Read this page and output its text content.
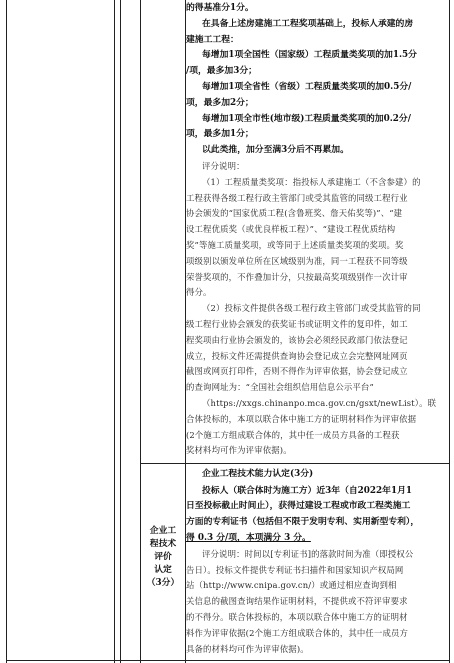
的得基准分1分。
在具备上述房建施工工程奖项基础上，投标人承建的房
建施工工程：
每增加1项全国性（国家级）工程质量类奖项的加1.5分
/项，最多加3分；
每增加1项全省性（省级）工程质量类奖项的加0.5分/
项，最多加2分；
每增加1项全市性(地市级)工程质量类奖项的加0.2分/
项，最多加1分；
以此类推，加分至满3分后不再累加。
评分说明：
（1）工程质量类奖项：指投标人承建施工（不含参建）的
工程获得各级工程行政主管部门或受其监管的同级工程行业
协会颁发的“国家优质工程(含鲁班奖、詹天佑奖等)”、“建
设工程优质奖（或优良样板工程）”、“建设工程优质结构
奖”等施工质量奖项，或等同于上述质量类奖项的奖项。奖
项级别以颁发单位所在区域级别为准，同一工程获不同等级
荣誉奖项的，不作叠加计分，只按最高奖项级别作一次计审
得分。
（2）投标文件提供各级工程行政主管部门或受其监管的同
级工程行业协会颁发的获奖证书或证明文件的复印件，如工
程奖项由行业协会颁发的，该协会必须经民政部门依法登记
成立，投标文件还需提供查询协会登记成立会完整网址网页
截图或网页打印件，否则不得作为评审依据，协会登记成立
的查询网址为：“全国社会组织信用信息公示平台”
（https://xxgs.chinanpo.mca.gov.cn/gsxt/newList）。联
合体投标的，本项以联合体中施工方的证明材料作为评审依据
(2个施工方组成联合体的，其中任一成员方具备的工程获
奖材料均可作为评审依据)。
企业工
程技术
评价
认定
（3分）
企业工程技术能力认定(3分)
投标人（联合体时为施工方）近3年（自2022年1月1
日至投标截止时间止），获得过建设工程或市政工程类施工
方面的专利证书（包括但不限于发明专利、实用新型专利），
得 0.3 分/项，本项满分 3 分。
评分说明：时间以[专利证书]的落款时间为准（即授权公
告日）。投标文件提供专利证书扫描件和国家知识产权局网
站（http://www.cnipa.gov.cn/）或通过相应查询到相
关信息的截图查询结果作证明材料，不提供或不符评审要求
的不得分。联合体投标的，本项以联合体中施工方的证明材
料作为评审依据(2个施工方组成联合体的，其中任一成员方
具备的材料均可作为评审依据)。
